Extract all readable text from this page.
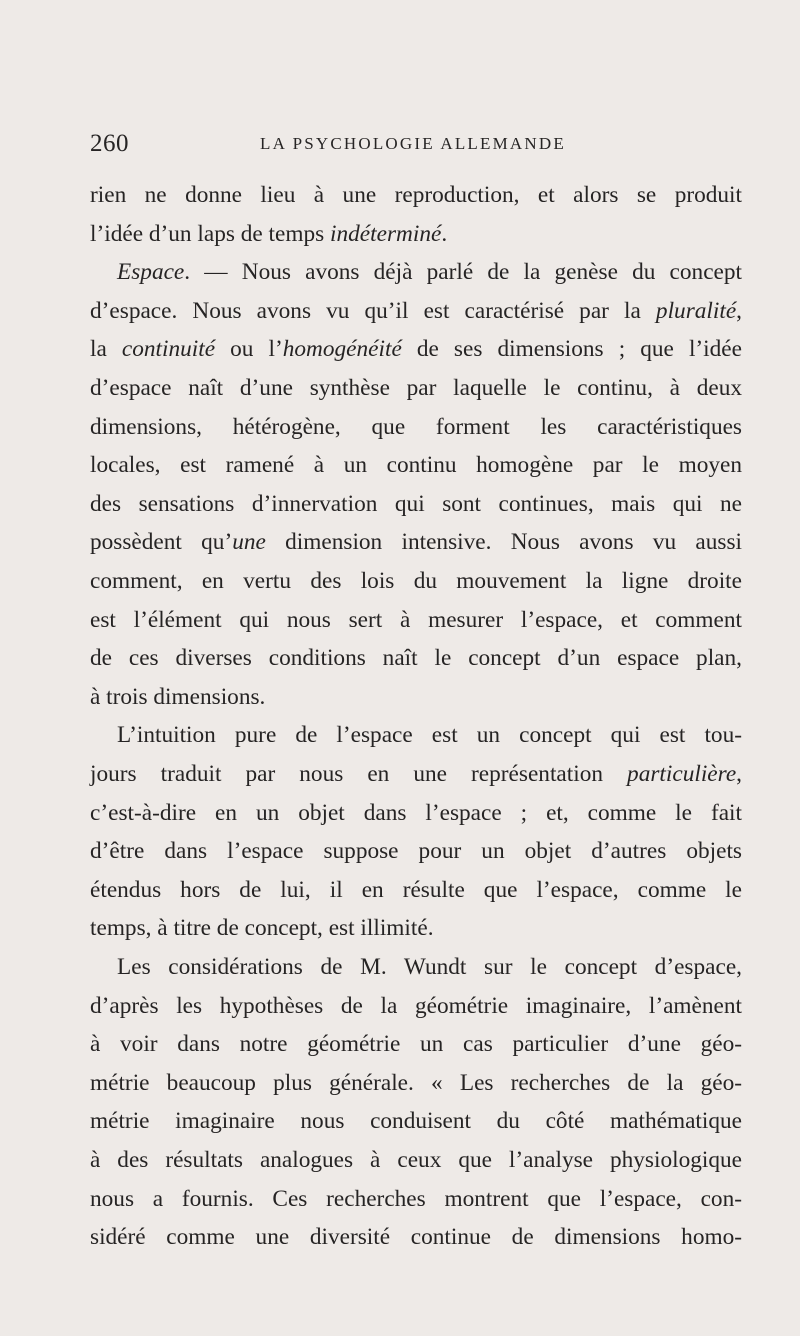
260	LA PSYCHOLOGIE ALLEMANDE
rien ne donne lieu à une reproduction, et alors se produit
l’idée d’un laps de temps indéterminé.
Espace. — Nous avons déjà parlé de la genèse du concept
d’espace. Nous avons vu qu’il est caractérisé par la pluralité,
la continuité ou l’homogénéité de ses dimensions ; que l’idée
d’espace naît d’une synthèse par laquelle le continu, à deux
dimensions, hétérogène, que forment les caractéristiques
locales, est ramené à un continu homogène par le moyen
des sensations d’innervation qui sont continues, mais qui ne
possèdent qu’une dimension intensive. Nous avons vu aussi
comment, en vertu des lois du mouvement la ligne droite
est l’élément qui nous sert à mesurer l’espace, et comment
de ces diverses conditions naît le concept d’un espace plan,
à trois dimensions.
L’intuition pure de l’espace est un concept qui est tou-
jours traduit par nous en une représentation particulière,
c’est-à-dire en un objet dans l’espace ; et, comme le fait
d’être dans l’espace suppose pour un objet d’autres objets
étendus hors de lui, il en résulte que l’espace, comme le
temps, à titre de concept, est illimité.
Les considérations de M. Wundt sur le concept d’espace,
d’après les hypothèses de la géométrie imaginaire, l’amènent
à voir dans notre géométrie un cas particulier d’une géo-
métrie beaucoup plus générale. « Les recherches de la géo-
métrie imaginaire nous conduisent du côté mathématique
à des résultats analogues à ceux que l’analyse physiologique
nous a fournis. Ces recherches montrent que l’espace, con-
sidéré comme une diversité continue de dimensions homo-
